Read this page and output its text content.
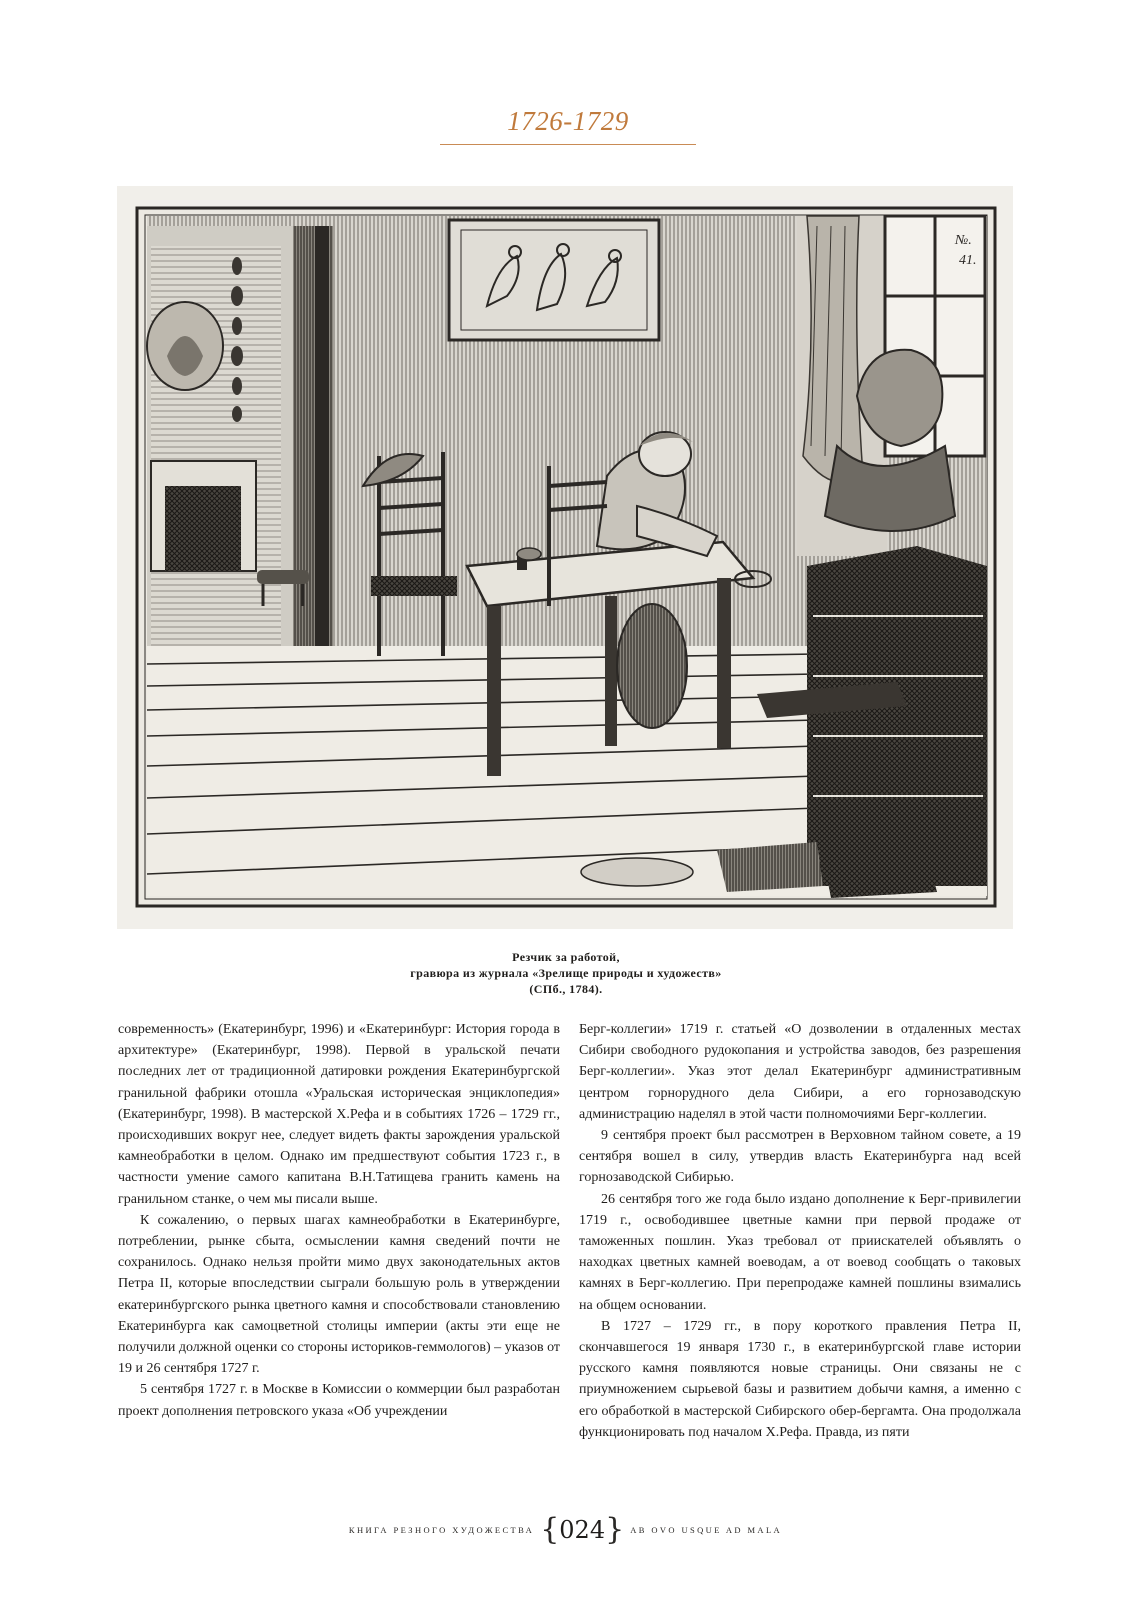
1726-1729
№.
41.
Резчик за работой,
гравюра из журнала «Зрелище природы и художеств»
(СПб., 1784).

современность» (Екатеринбург, 1996) и «Екатеринбург: История города в архитектуре» (Екатеринбург, 1998). Первой в уральской печати последних лет от традиционной датировки рождения Екатеринбургской гранильной фабрики отошла «Уральская историческая энциклопедия» (Екатеринбург, 1998). В мастерской Х.Рефа и в событиях 1726 – 1729 гг., происходивших вокруг нее, следует видеть факты зарождения уральской камнеобработки в целом. Однако им предшествуют события 1723 г., в частности умение самого капитана В.Н.Татищева гранить камень на гранильном станке, о чем мы писали выше.

К сожалению, о первых шагах камнеобработки в Екатеринбурге, потреблении, рынке сбыта, осмыслении камня сведений почти не сохранилось. Однако нельзя пройти мимо двух законодательных актов Петра II, которые впоследствии сыграли большую роль в утверждении екатеринбургского рынка цветного камня и способствовали становлению Екатеринбурга как самоцветной столицы империи (акты эти еще не получили должной оценки со стороны историков-геммологов) – указов от 19 и 26 сентября 1727 г.

5 сентября 1727 г. в Москве в Комиссии о коммерции был разработан проект дополнения петровского указа «Об учреждении

Берг-коллегии» 1719 г. статьей «О дозволении в отдаленных местах Сибири свободного рудокопания и устройства заводов, без разрешения Берг-коллегии». Указ этот делал Екатеринбург административным центром горнорудного дела Сибири, а его горнозаводскую администрацию наделял в этой части полномочиями Берг-коллегии.

9 сентября проект был рассмотрен в Верховном тайном совете, а 19 сентября вошел в силу, утвердив власть Екатеринбурга над всей горнозаводской Сибирью.

26 сентября того же года было издано дополнение к Берг-привилегии 1719 г., освободившее цветные камни при первой продаже от таможенных пошлин. Указ требовал от прииcкателей объявлять о находках цветных камней воеводам, а от воевод сообщать о таковых камнях в Берг-коллегию. При перепродаже камней пошлины взимались на общем основании.

В 1727 – 1729 гг., в пору короткого правления Петра II, скончавшегося 19 января 1730 г., в екатеринбургской главе истории русского камня появляются новые страницы. Они связаны не с приумножением сырьевой базы и развитием добычи камня, а именно с его обработкой в мастерской Сибирского обер-бергамта. Она продолжала функционировать под началом Х.Рефа. Правда, из пяти

КНИГА РЕЗНОГО ХУДОЖЕСТВА { 024 } AB OVO USQUE AD MALA
